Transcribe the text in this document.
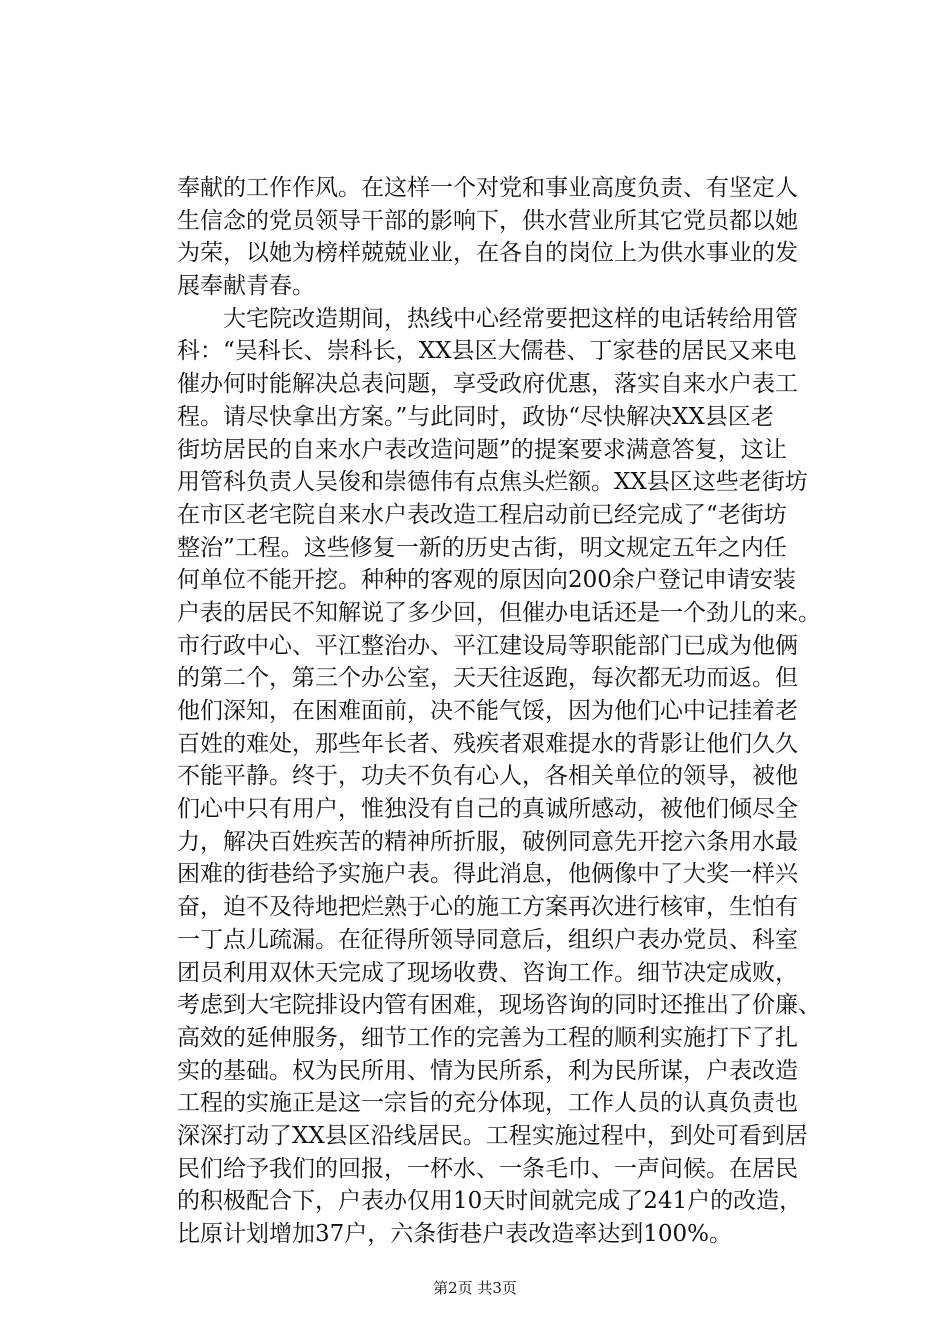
奉献的工作作风。在这样一个对党和事业高度负责、有坚定人
生信念的党员领导干部的影响下，供水营业所其它党员都以她
为荣，以她为榜样兢兢业业，在各自的岗位上为供水事业的发
展奉献青春。
　　大宅院改造期间，热线中心经常要把这样的电话转给用管
科：“吴科长、崇科长，XX县区大儒巷、丁家巷的居民又来电
催办何时能解决总表问题，享受政府优惠，落实自来水户表工
程。请尽快拿出方案。”与此同时，政协“尽快解决XX县区老
街坊居民的自来水户表改造问题”的提案要求满意答复，这让
用管科负责人吴俊和崇德伟有点焦头烂额。XX县区这些老街坊
在市区老宅院自来水户表改造工程启动前已经完成了“老街坊
整治”工程。这些修复一新的历史古街，明文规定五年之内任
何单位不能开挖。种种的客观的原因向200余户登记申请安装
户表的居民不知解说了多少回，但催办电话还是一个劲儿的来。
市行政中心、平江整治办、平江建设局等职能部门已成为他俩
的第二个，第三个办公室，天天往返跑，每次都无功而返。但
他们深知，在困难面前，决不能气馁，因为他们心中记挂着老
百姓的难处，那些年长者、残疾者艰难提水的背影让他们久久
不能平静。终于，功夫不负有心人，各相关单位的领导，被他
们心中只有用户，惟独没有自己的真诚所感动，被他们倾尽全
力，解决百姓疾苦的精神所折服，破例同意先开挖六条用水最
困难的街巷给予实施户表。得此消息，他俩像中了大奖一样兴
奋，迫不及待地把烂熟于心的施工方案再次进行核审，生怕有
一丁点儿疏漏。在征得所领导同意后，组织户表办党员、科室
团员利用双休天完成了现场收费、咨询工作。细节决定成败，
考虑到大宅院排设内管有困难，现场咨询的同时还推出了价廉、
高效的延伸服务，细节工作的完善为工程的顺利实施打下了扎
实的基础。权为民所用、情为民所系，利为民所谋，户表改造
工程的实施正是这一宗旨的充分体现，工作人员的认真负责也
深深打动了XX县区沿线居民。工程实施过程中，到处可看到居
民们给予我们的回报，一杯水、一条毛巾、一声问候。在居民
的积极配合下，户表办仅用10天时间就完成了241户的改造，
比原计划增加37户，六条街巷户表改造率达到100%。
第2页 共3页
